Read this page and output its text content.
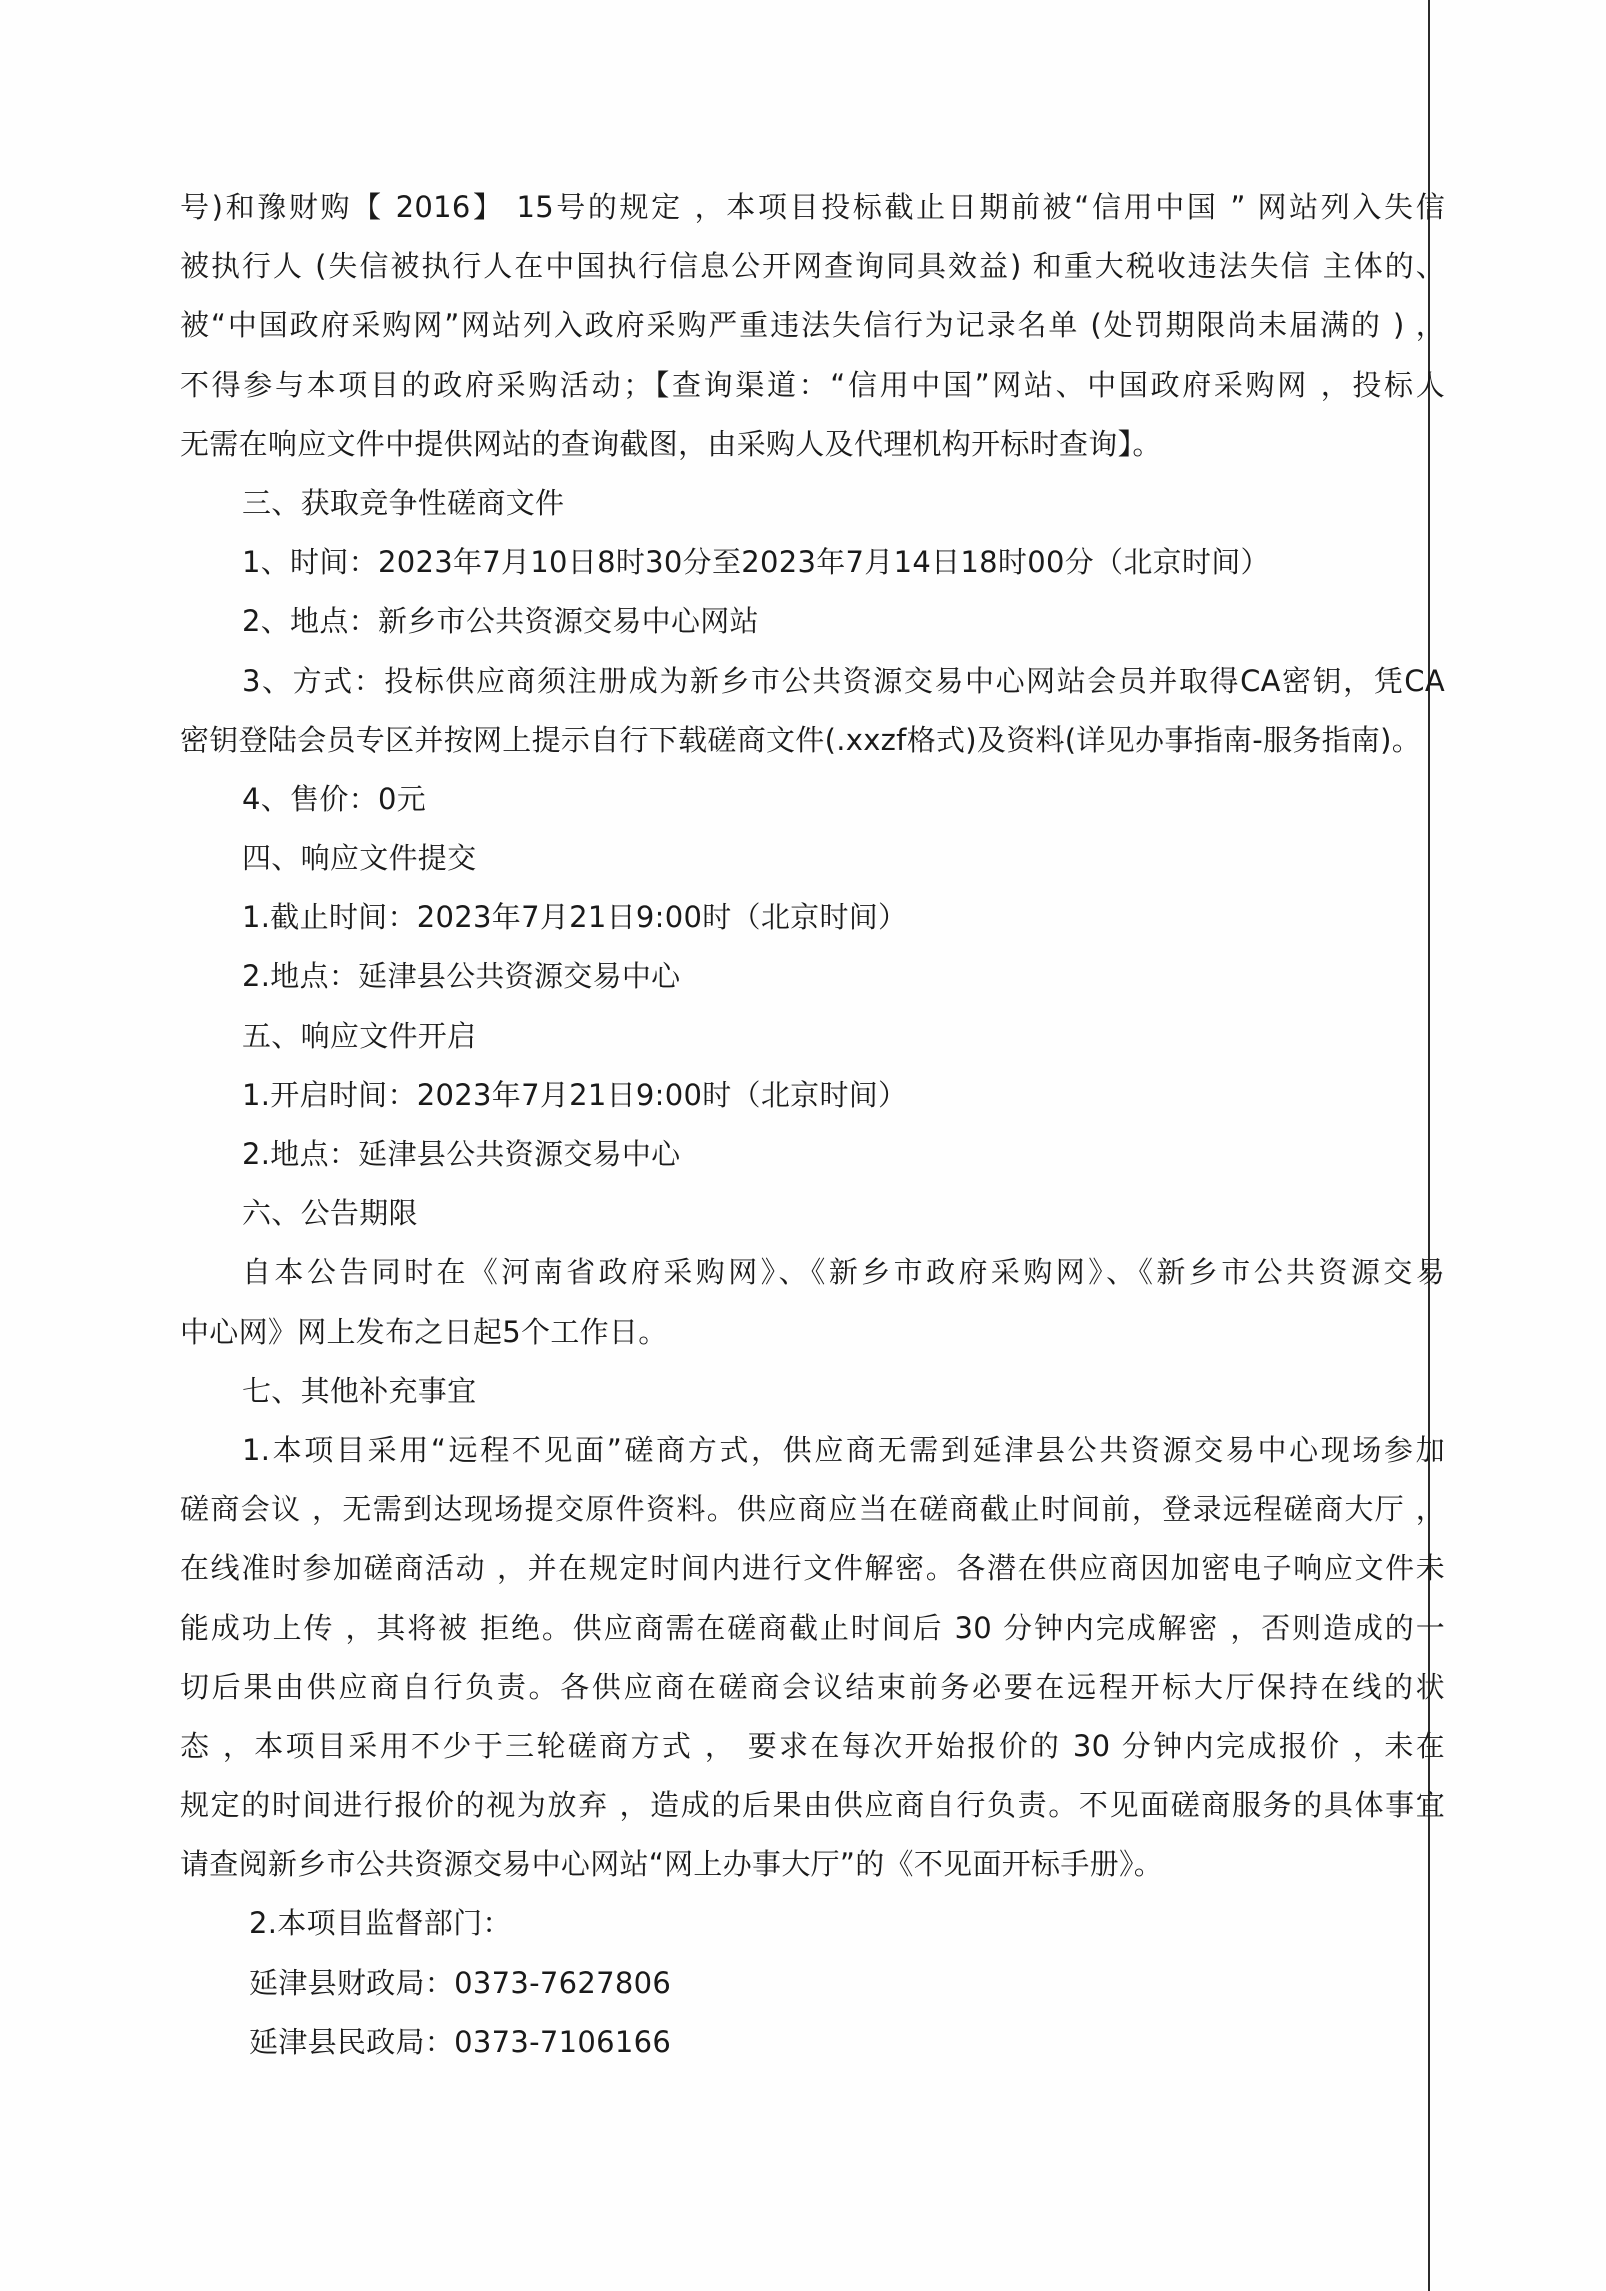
号)和豫财购【 2016】 15号的规定 ，本项目投标截止日期前被“信用中国 ” 网站列入失信
被执行人 (失信被执行人在中国执行信息公开网查询同具效益) 和重大税收违法失信 主体的、
被“中国政府采购网”网站列入政府采购严重违法失信行为记录名单 (处罚期限尚未届满的 ) ，
不得参与本项目的政府采购活动；【查询渠道：“信用中国”网站、中国政府采购网 ，投标人
无需在响应文件中提供网站的查询截图，由采购人及代理机构开标时查询】。
三、获取竞争性磋商文件
1、时间：2023年7月10日8时30分至2023年7月14日18时00分（北京时间）
2、地点：新乡市公共资源交易中心网站
3、方式：投标供应商须注册成为新乡市公共资源交易中心网站会员并取得CA密钥，凭CA
密钥登陆会员专区并按网上提示自行下载磋商文件(.xxzf格式)及资料(详见办事指南-服务指南)。
4、售价：0元
四、响应文件提交
1.截止时间：2023年7月21日9:00时（北京时间）
2.地点：延津县公共资源交易中心
五、响应文件开启
1.开启时间：2023年7月21日9:00时（北京时间）
2.地点：延津县公共资源交易中心
六、公告期限
自本公告同时在《河南省政府采购网》、《新乡市政府采购网》、《新乡市公共资源交易
中心网》网上发布之日起5个工作日。
七、其他补充事宜
1.本项目采用“远程不见面”磋商方式，供应商无需到延津县公共资源交易中心现场参加
磋商会议 ，无需到达现场提交原件资料。供应商应当在磋商截止时间前，登录远程磋商大厅 ，
在线准时参加磋商活动 ，并在规定时间内进行文件解密。各潜在供应商因加密电子响应文件未
能成功上传 ，其将被 拒绝。供应商需在磋商截止时间后 30 分钟内完成解密 ，否则造成的一
切后果由供应商自行负责。各供应商在磋商会议结束前务必要在远程开标大厅保持在线的状
态 ，本项目采用不少于三轮磋商方式 ， 要求在每次开始报价的 30 分钟内完成报价 ，未在
规定的时间进行报价的视为放弃 ，造成的后果由供应商自行负责。不见面磋商服务的具体事宜
请查阅新乡市公共资源交易中心网站“网上办事大厅”的《不见面开标手册》。
2.本项目监督部门：
延津县财政局：0373-7627806
延津县民政局：0373-7106166
